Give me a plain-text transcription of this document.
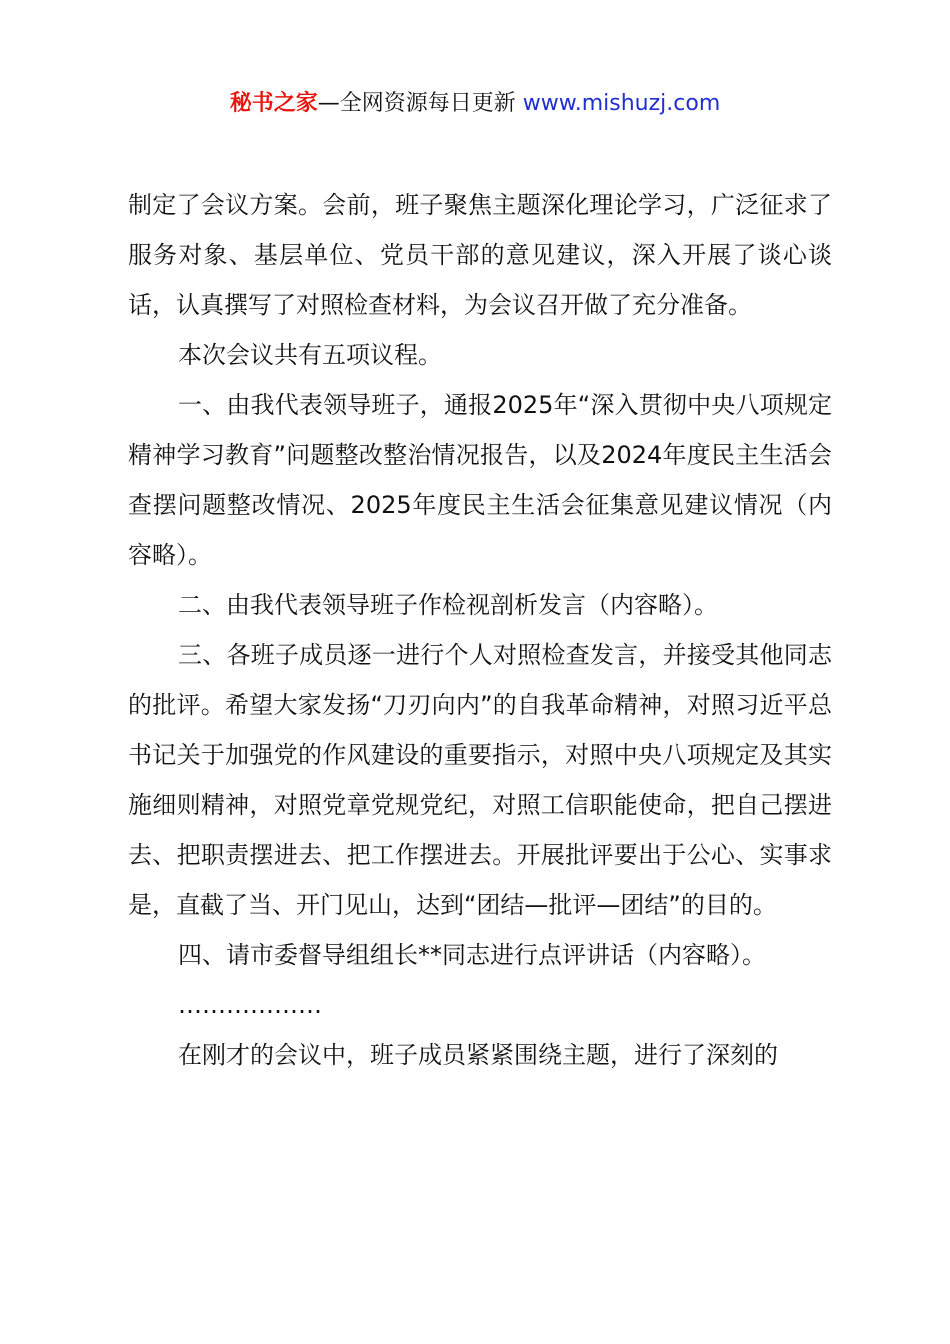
秘书之家—全网资源每日更新 www.mishuzj.com

制定了会议方案。会前，班子聚焦主题深化理论学习，广泛征求了服务对象、基层单位、党员干部的意见建议，深入开展了谈心谈话，认真撰写了对照检查材料，为会议召开做了充分准备。

本次会议共有五项议程。

一、由我代表领导班子，通报2025年“深入贯彻中央八项规定精神学习教育”问题整改整治情况报告，以及2024年度民主生活会查摆问题整改情况、2025年度民主生活会征集意见建议情况（内容略）。

二、由我代表领导班子作检视剖析发言（内容略）。

三、各班子成员逐一进行个人对照检查发言，并接受其他同志的批评。希望大家发扬“刀刃向内”的自我革命精神，对照习近平总书记关于加强党的作风建设的重要指示，对照中央八项规定及其实施细则精神，对照党章党规党纪，对照工信职能使命，把自己摆进去、把职责摆进去、把工作摆进去。开展批评要出于公心、实事求是，直截了当、开门见山，达到“团结—批评—团结”的目的。

四、请市委督导组组长**同志进行点评讲话（内容略）。

………………

在刚才的会议中，班子成员紧紧围绕主题，进行了深刻的
